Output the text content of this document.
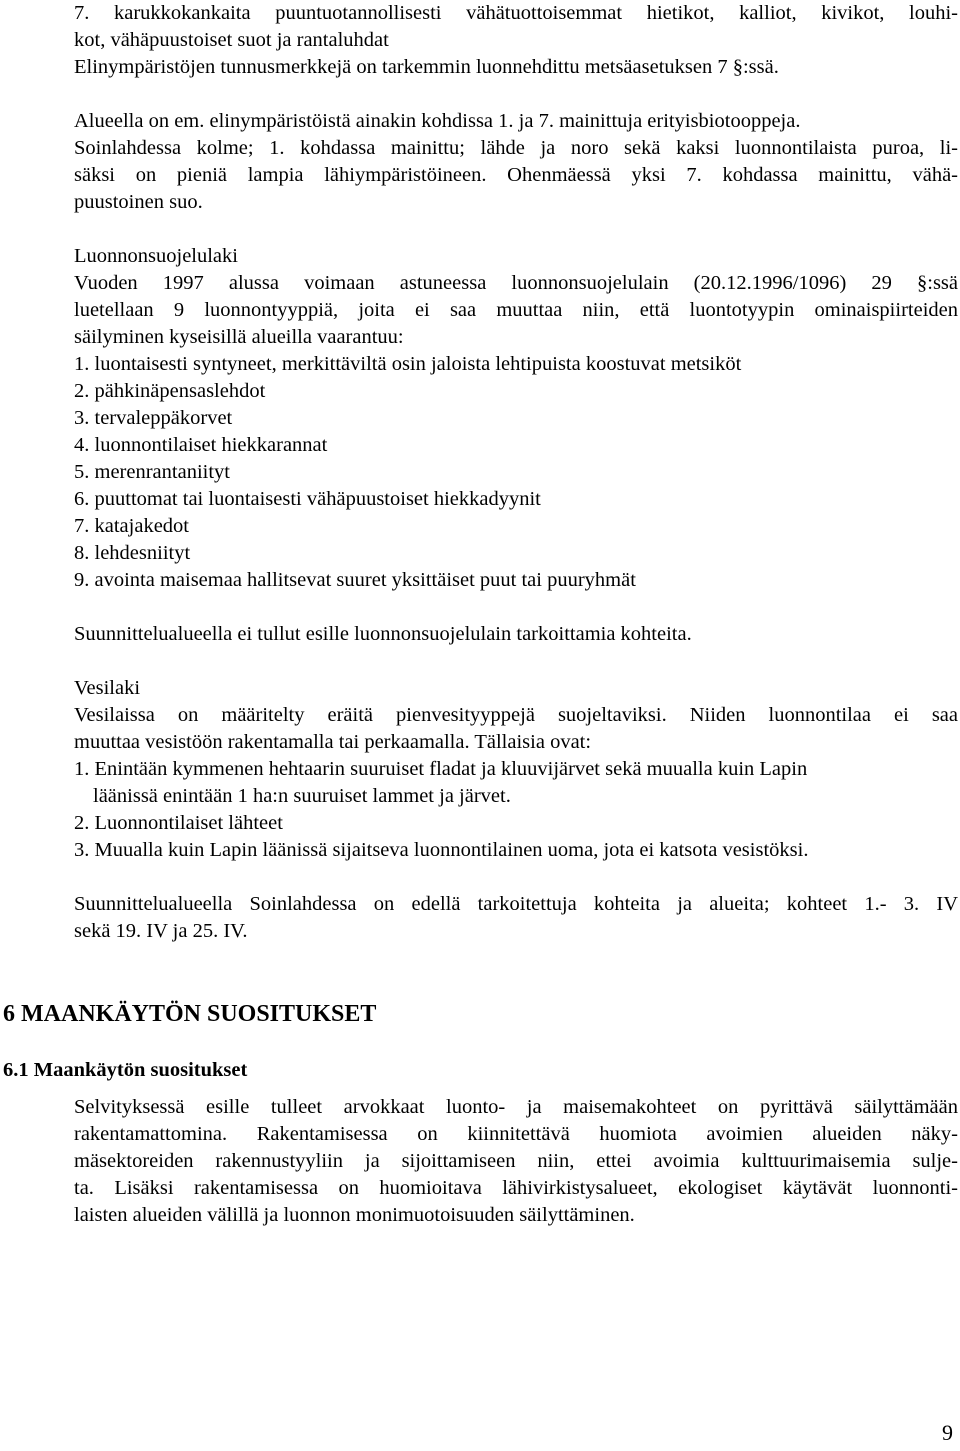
7. karukkokankaita puuntuotannollisesti vähätuottoisemmat hietikot, kalliot, kivikot, louhi-
kot, vähäpuustoiset suot ja rantaluhdat
Elinympäristöjen tunnusmerkkejä on tarkemmin luonnehdittu metsäasetuksen 7 §:ssä.
Alueella on em. elinympäristöistä ainakin kohdissa 1. ja 7. mainittuja erityisbiotooppeja.
Soinlahdessa kolme; 1. kohdassa mainittu; lähde ja noro sekä kaksi luonnontilaista puroa, li-
säksi on pieniä lampia lähiympäristöineen. Ohenmäessä yksi 7. kohdassa mainittu, vähä-
puustoinen suo.
Luonnonsuojelulaki
Vuoden 1997 alussa voimaan astuneessa luonnonsuojelulain (20.12.1996/1096) 29 §:ssä
luetellaan 9 luonnontyyppiä, joita ei saa muuttaa niin, että luontotyypin ominaispiirteiden
säilyminen kyseisillä alueilla vaarantuu:
1. luontaisesti syntyneet, merkittäviltä osin jaloista lehtipuista koostuvat metsiköt
2. pähkinäpensaslehdot
3. tervaleppäkorvet
4. luonnontilaiset hiekkarannat
5. merenrantaniityt
6. puuttomat tai luontaisesti vähäpuustoiset hiekkadyynit
7. katajakedot
8. lehdesniityt
9. avointa maisemaa hallitsevat suuret yksittäiset puut tai puuryhmät
Suunnittelualueella ei tullut esille luonnonsuojelulain tarkoittamia kohteita.
Vesilaki
Vesilaissa on määritelty eräitä pienvesityyppejä suojeltaviksi. Niiden luonnontilaa ei saa
muuttaa vesistöön rakentamalla tai perkaamalla. Tällaisia ovat:
1. Enintään kymmenen hehtaarin suuruiset fladat ja kluuvijärvet sekä muualla kuin Lapin
läänissä enintään 1 ha:n suuruiset lammet ja järvet.
2. Luonnontilaiset lähteet
3. Muualla kuin Lapin läänissä sijaitseva luonnontilainen uoma, jota ei katsota vesistöksi.
Suunnittelualueella Soinlahdessa on edellä tarkoitettuja kohteita ja alueita; kohteet 1.- 3. IV
sekä 19. IV ja 25. IV.
6 MAANKÄYTÖN SUOSITUKSET
6.1 Maankäytön suositukset
Selvityksessä esille tulleet arvokkaat luonto- ja maisemakohteet on pyrittävä säilyttämään
rakentamattomina. Rakentamisessa on kiinnitettävä huomiota avoimien alueiden näky-
mäsektoreiden rakennustyyliin ja sijoittamiseen niin, ettei avoimia kulttuurimaisemia sulje-
ta. Lisäksi rakentamisessa on huomioitava lähivirkistysalueet, ekologiset käytävät luonnonti-
laisten alueiden välillä ja luonnon monimuotoisuuden säilyttäminen.
9
